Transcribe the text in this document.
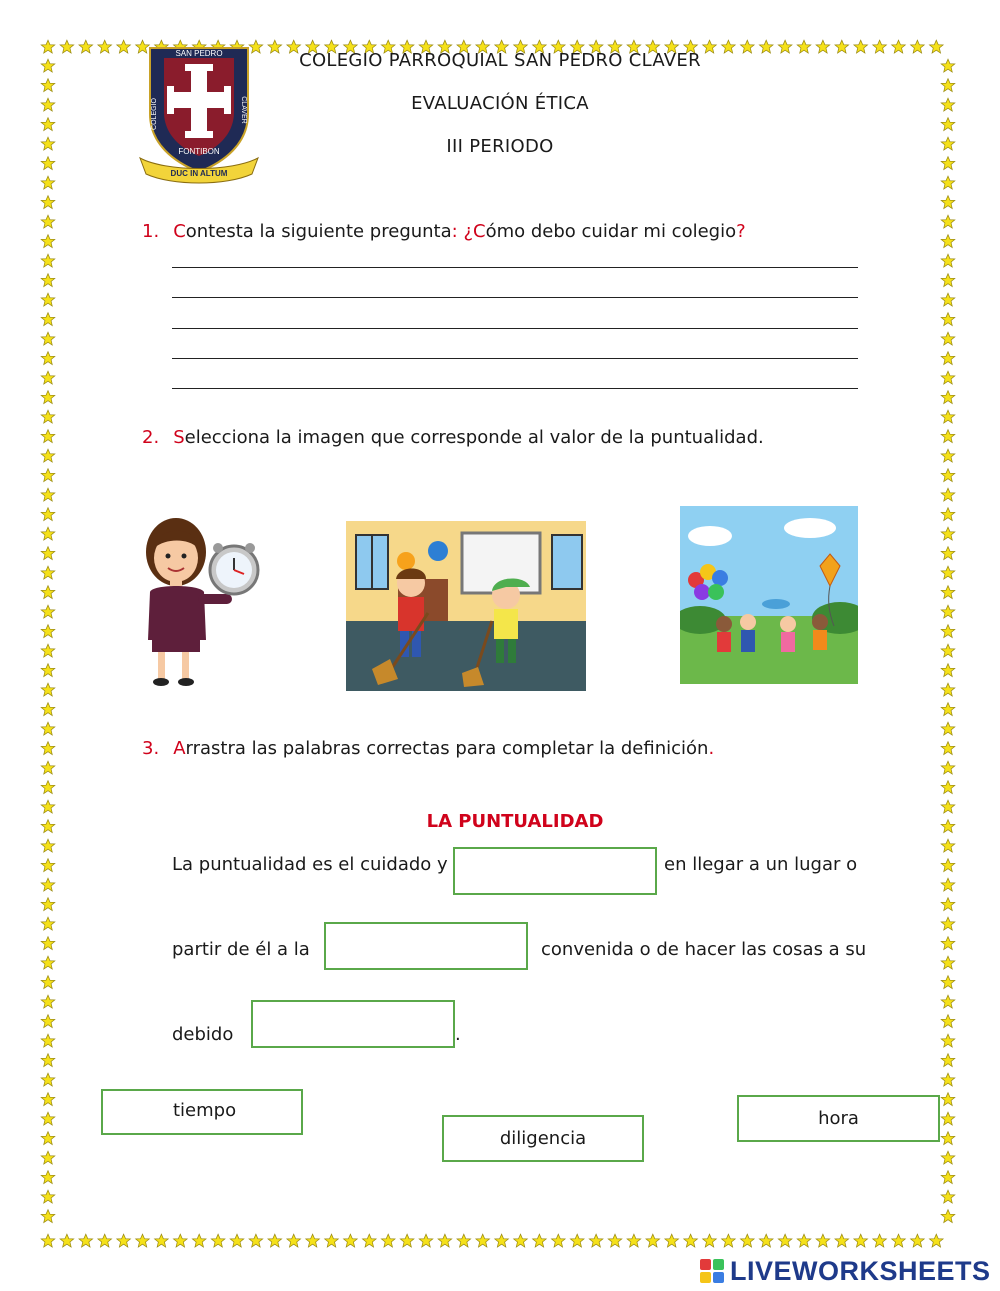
SAN PEDRO
COLEGIO	CLAVER
FONTIBON
DUC IN ALTUM
COLEGIO PARROQUIAL SAN PEDRO CLAVER
EVALUACIÓN ÉTICA
III PERIODO
1. Contesta la siguiente pregunta: ¿Cómo debo cuidar mi colegio?
2. Selecciona la imagen que corresponde al valor de la puntualidad.
3. Arrastra las palabras correctas para completar la definición.
LA PUNTUALIDAD
La puntualidad es el cuidado y	en llegar a un lugar o
partir de él a la	convenida o de hacer las cosas a su
debido	.
tiempo
diligencia
hora
LIVEWORKSHEETS
